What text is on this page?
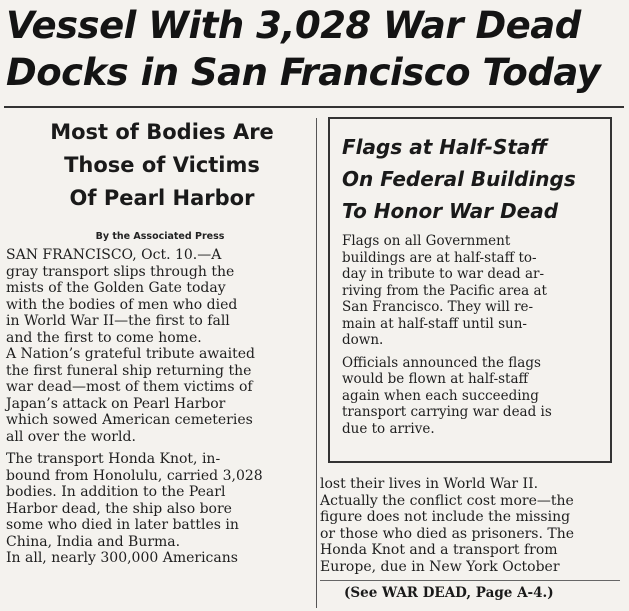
Vessel With 3,028 War Dead
Docks in San Francisco Today
Most of Bodies Are
Those of Victims
Of Pearl Harbor
By the Associated Press

SAN FRANCISCO, Oct. 10.—A
gray transport slips through the
mists of the Golden Gate today
with the bodies of men who died
in World War II—the first to fall
and the first to come home.

A Nation’s grateful tribute awaited
the first funeral ship returning the
war dead—most of them victims of
Japan’s attack on Pearl Harbor
which sowed American cemeteries
all over the world.

The transport Honda Knot, in-
bound from Honolulu, carried 3,028
bodies. In addition to the Pearl
Harbor dead, the ship also bore
some who died in later battles in
China, India and Burma.

In all, nearly 300,000 Americans

Flags at Half-Staff
On Federal Buildings
To Honor War Dead

Flags on all Government
buildings are at half-staff to-
day in tribute to war dead ar-
riving from the Pacific area at
San Francisco. They will re-
main at half-staff until sun-
down.

Officials announced the flags
would be flown at half-staff
again when each succeeding
transport carrying war dead is
due to arrive.

lost their lives in World War II.
Actually the conflict cost more—the
figure does not include the missing
or those who died as prisoners. The
Honda Knot and a transport from
Europe, due in New York October

(See WAR DEAD, Page A-4.)
